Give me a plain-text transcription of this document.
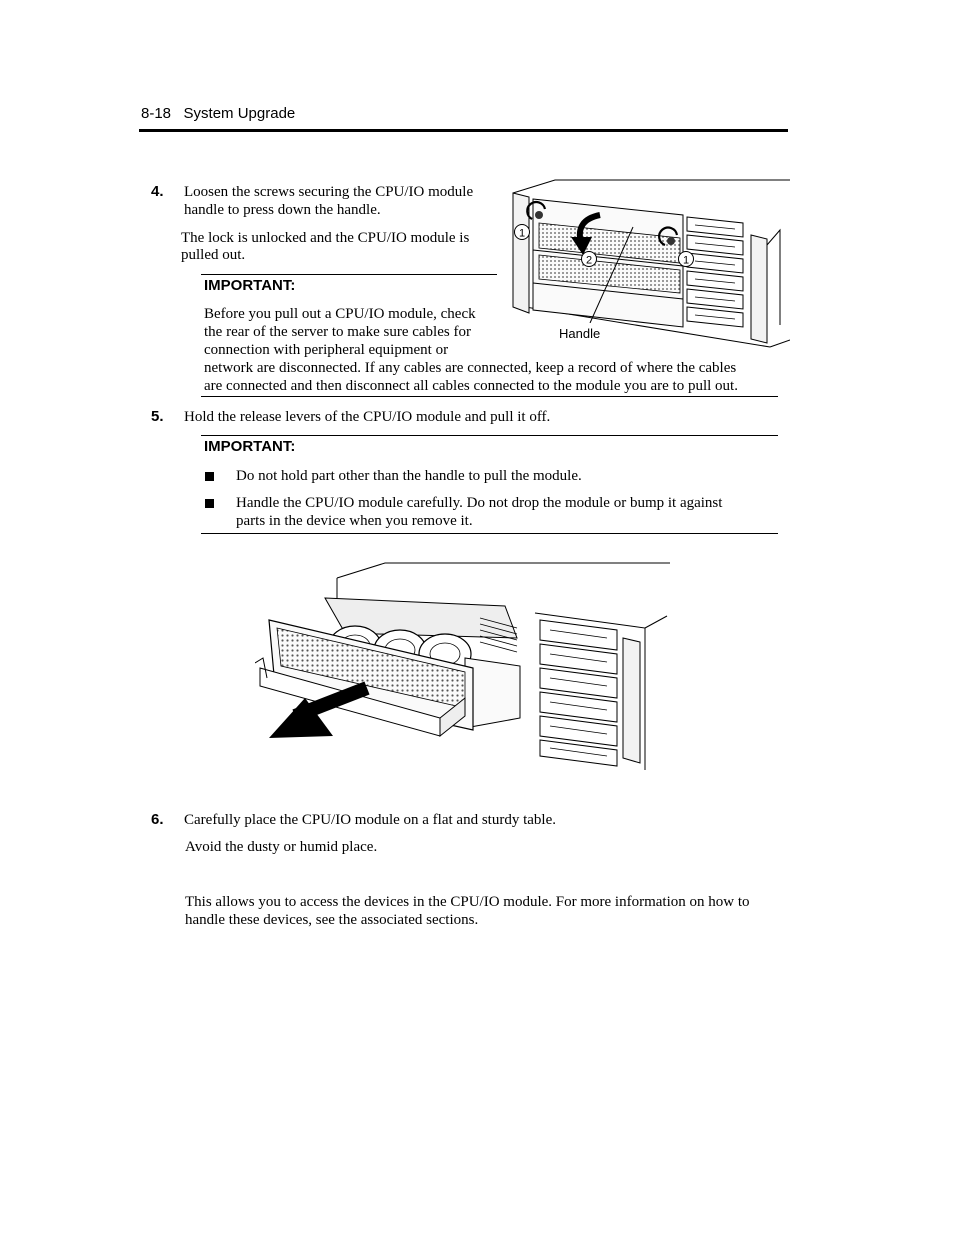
8-18 System Upgrade
4. Loosen the screws securing the CPU/IO module
handle to press down the handle.
The lock is unlocked and the CPU/IO module is
pulled out.
IMPORTANT:
Before you pull out a CPU/IO module, check
the rear of the server to make sure cables for
connection with peripheral equipment or
network are disconnected. If any cables are connected, keep a record of where the cables
are connected and then disconnect all cables connected to the module you are to pull out.
1
2	1
Handle
5. Hold the release levers of the CPU/IO module and pull it off.
IMPORTANT:
Do not hold part other than the handle to pull the module.
Handle the CPU/IO module carefully. Do not drop the module or bump it against
parts in the device when you remove it.
6. Carefully place the CPU/IO module on a flat and sturdy table.
Avoid the dusty or humid place.
This allows you to access the devices in the CPU/IO module. For more information on how to
handle these devices, see the associated sections.
